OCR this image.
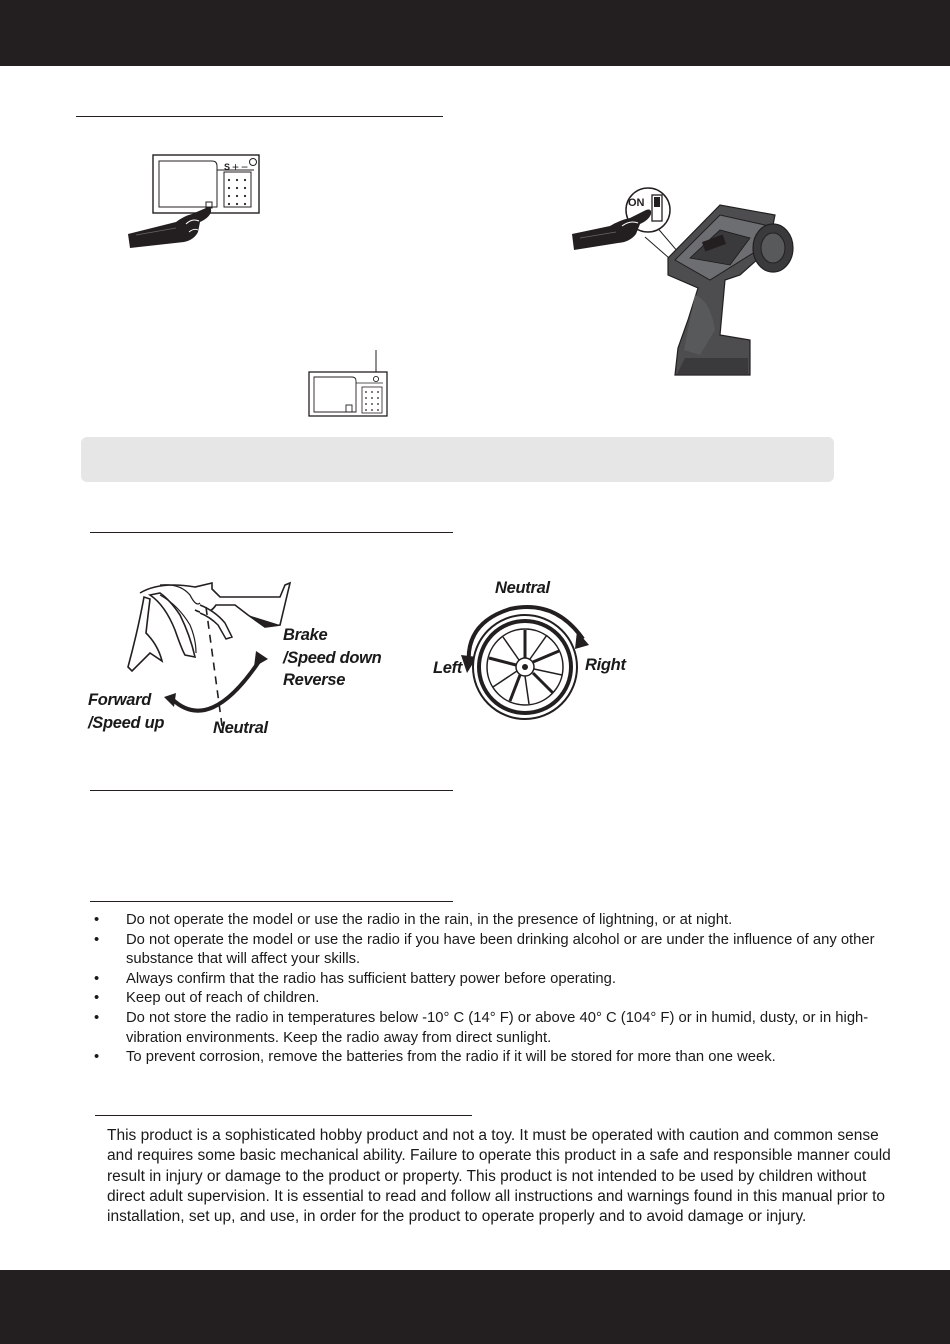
S + −
ON
Brake
/Speed down
Reverse
Forward
/Speed up	Neutral
Neutral
Left	Right
• Do not operate the model or use the radio in the rain, in the presence of lightning, or at night.
• Do not operate the model or use the radio if you have been drinking alcohol or are under the influence of any other substance that will affect your skills.
• Always confirm that the radio has sufficient battery power before operating.
• Keep out of reach of children.
• Do not store the radio in temperatures below -10° C (14° F) or above 40° C (104° F) or in humid, dusty, or in high-vibration environments. Keep the radio away from direct sunlight.
• To prevent corrosion, remove the batteries from the radio if it will be stored for more than one week.

This product is a sophisticated hobby product and not a toy. It must be operated with caution and common sense and requires some basic mechanical ability. Failure to operate this product in a safe and responsible manner could result in injury or damage to the product or property. This product is not intended to be used by children without direct adult supervision. It is essential to read and follow all instructions and warnings found in this manual prior to installation, set up, and use, in order for the product to operate properly and to avoid damage or injury.
